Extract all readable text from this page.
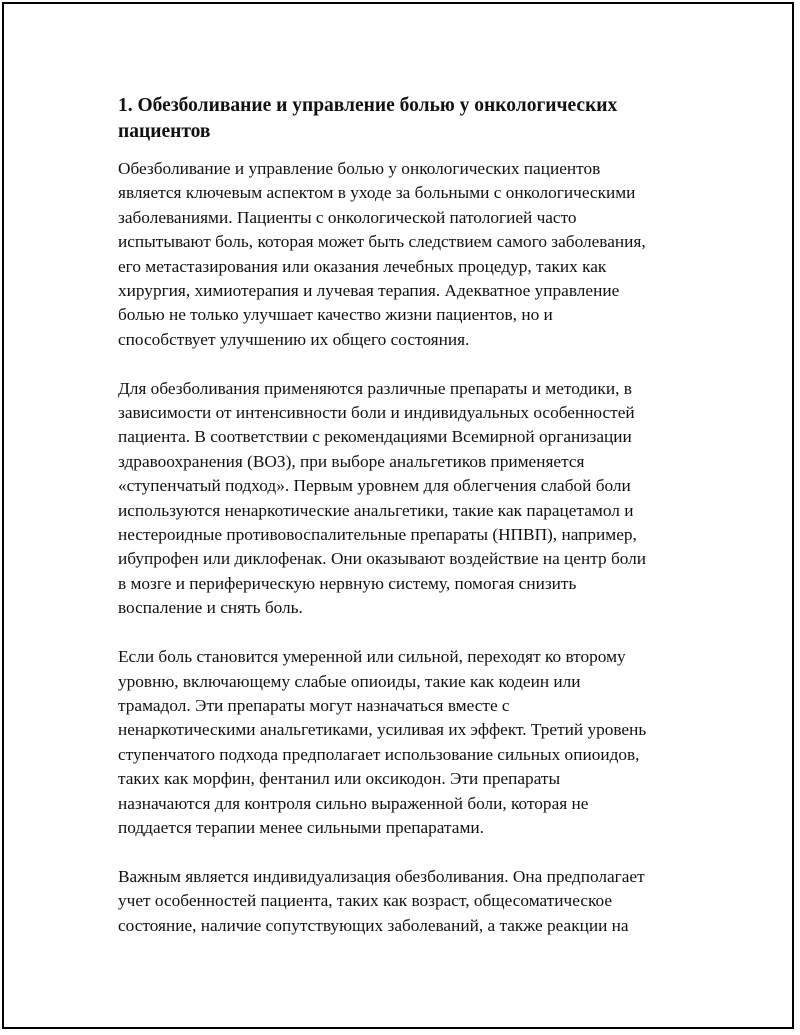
1. Обезболивание и управление болью у онкологических
пациентов

Обезболивание и управление болью у онкологических пациентов
является ключевым аспектом в уходе за больными с онкологическими
заболеваниями. Пациенты с онкологической патологией часто
испытывают боль, которая может быть следствием самого заболевания,
его метастазирования или оказания лечебных процедур, таких как
хирургия, химиотерапия и лучевая терапия. Адекватное управление
болью не только улучшает качество жизни пациентов, но и
способствует улучшению их общего состояния.

Для обезболивания применяются различные препараты и методики, в
зависимости от интенсивности боли и индивидуальных особенностей
пациента. В соответствии с рекомендациями Всемирной организации
здравоохранения (ВОЗ), при выборе анальгетиков применяется
«ступенчатый подход». Первым уровнем для облегчения слабой боли
используются ненаркотические анальгетики, такие как парацетамол и
нестероидные противовоспалительные препараты (НПВП), например,
ибупрофен или диклофенак. Они оказывают воздействие на центр боли
в мозге и периферическую нервную систему, помогая снизить
воспаление и снять боль.

Если боль становится умеренной или сильной, переходят ко второму
уровню, включающему слабые опиоиды, такие как кодеин или
трамадол. Эти препараты могут назначаться вместе с
ненаркотическими анальгетиками, усиливая их эффект. Третий уровень
ступенчатого подхода предполагает использование сильных опиоидов,
таких как морфин, фентанил или оксикодон. Эти препараты
назначаются для контроля сильно выраженной боли, которая не
поддается терапии менее сильными препаратами.

Важным является индивидуализация обезболивания. Она предполагает
учет особенностей пациента, таких как возраст, общесоматическое
состояние, наличие сопутствующих заболеваний, а также реакции на
